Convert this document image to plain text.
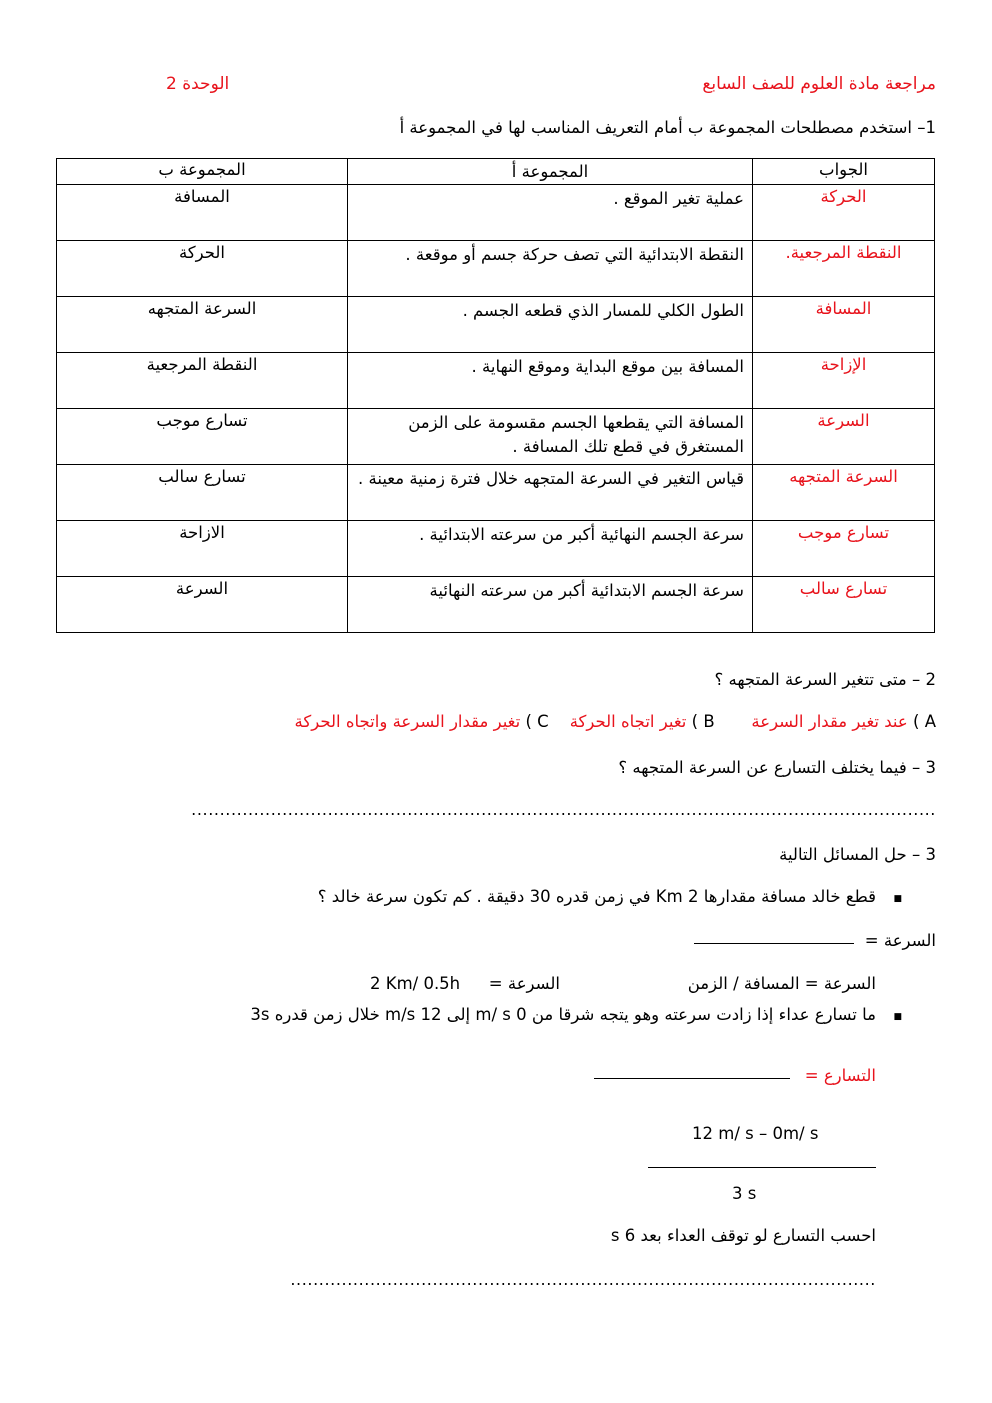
مراجعة مادة العلوم للصف السابع
الوحدة 2
1– استخدم مصطلحات المجموعة ب أمام التعريف المناسب لها في المجموعة أ
الجواب	المجموعة أ	المجموعة ب
الحركة	عملية تغير الموقع .	المسافة
النقطة المرجعية.	النقطة الابتدائية التي تصف حركة جسم أو موقعة .	الحركة
المسافة	الطول الكلي للمسار الذي قطعه الجسم .	السرعة المتجهه
الإزاحة	المسافة بين موقع البداية وموقع النهاية .	النقطة المرجعية
السرعة	المسافة التي يقطعها الجسم مقسومة على الزمن المستغرق في قطع تلك المسافة .	تسارع موجب
السرعة المتجهه	قياس التغير في السرعة المتجهه خلال فترة زمنية معينة .	تسارع سالب
تسارع موجب	سرعة الجسم النهائية أكبر من سرعته الابتدائية .	الازاحة
تسارع سالب	سرعة الجسم الابتدائية أكبر من سرعته النهائية	السرعة
2 – متى تتغير السرعة المتجهه ؟
A ) عند تغير مقدار السرعة       B ) تغير اتجاه الحركة    C ) تغير مقدار السرعة واتجاه الحركة
3 – فيما يختلف التسارع عن السرعة المتجهه ؟
...................................................................................................................................
3 – حل المسائل التالية
■
قطع خالد مسافة مقدارها 2 Km في زمن قدره 30 دقيقة . كم تكون سرعة خالد ؟
السرعة =
السرعة = المسافة / الزمن
السرعة =
2 Km/ 0.5h
■
ما تسارع عداء إذا زادت سرعته وهو يتجه شرقا من 0 m/ s إلى 12 m/s خلال زمن قدره 3s
التسارع =
12 m/ s – 0m/ s
3 s
احسب التسارع لو توقف العداء بعد 6 s
.......................................................................................................
